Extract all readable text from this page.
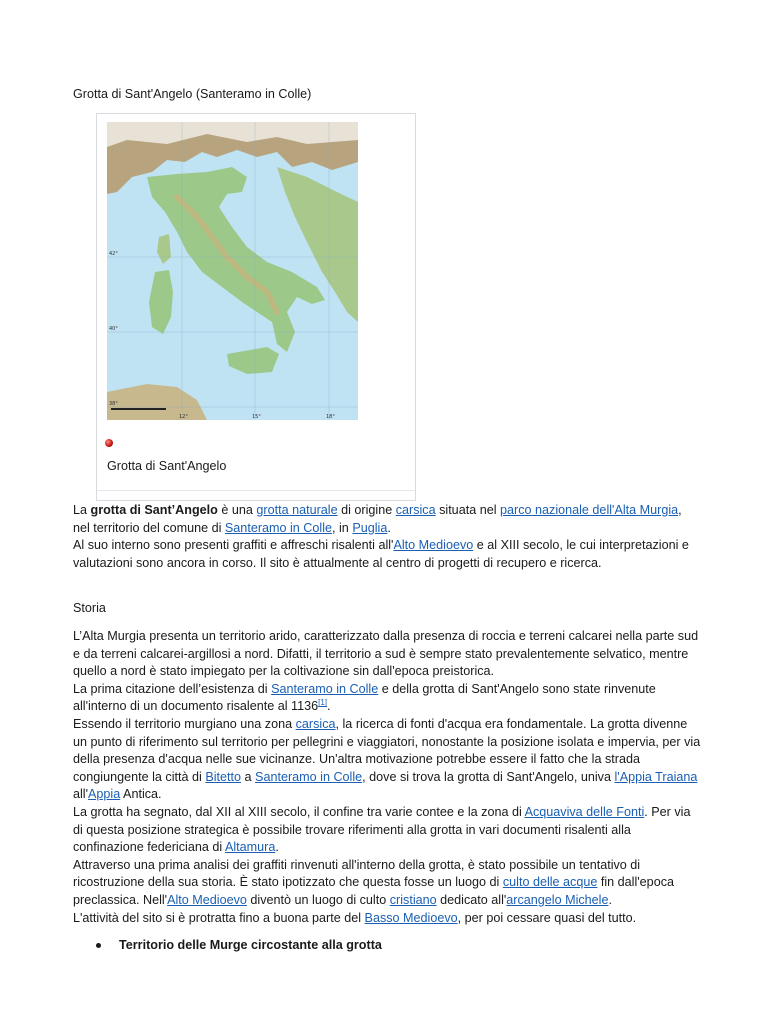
Grotta di Sant'Angelo (Santeramo in Colle)
42°
40°
38°
12°	15°	18°
Grotta di Sant'Angelo

La grotta di Sant’Angelo è una grotta naturale di origine carsica situata nel parco nazionale dell'Alta Murgia, nel territorio del comune di Santeramo in Colle, in Puglia.

Al suo interno sono presenti graffiti e affreschi risalenti all'Alto Medioevo e al XIII secolo, le cui interpretazioni e valutazioni sono ancora in corso. Il sito è attualmente al centro di progetti di recupero e ricerca.

Storia

L’Alta Murgia presenta un territorio arido, caratterizzato dalla presenza di roccia e terreni calcarei nella parte sud e da terreni calcarei-argillosi a nord. Difatti, il territorio a sud è sempre stato prevalentemente selvatico, mentre quello a nord è stato impiegato per la coltivazione sin dall'epoca preistorica.

La prima citazione dell’esistenza di Santeramo in Colle e della grotta di Sant'Angelo sono state rinvenute all'interno di un documento risalente al 1136[1].

Essendo il territorio murgiano una zona carsica, la ricerca di fonti d'acqua era fondamentale. La grotta divenne un punto di riferimento sul territorio per pellegrini e viaggiatori, nonostante la posizione isolata e impervia, per via della presenza d'acqua nelle sue vicinanze. Un'altra motivazione potrebbe essere il fatto che la strada congiungente la città di Bitetto a Santeramo in Colle, dove si trova la grotta di Sant'Angelo, univa l'Appia Traiana all'Appia Antica.

La grotta ha segnato, dal XII al XIII secolo, il confine tra varie contee e la zona di Acquaviva delle Fonti. Per via di questa posizione strategica è possibile trovare riferimenti alla grotta in vari documenti risalenti alla confinazione federiciana di Altamura.

Attraverso una prima analisi dei graffiti rinvenuti all'interno della grotta, è stato possibile un tentativo di ricostruzione della sua storia. È stato ipotizzato che questa fosse un luogo di culto delle acque fin dall'epoca preclassica. Nell'Alto Medioevo diventò un luogo di culto cristiano dedicato all'arcangelo Michele.

L'attività del sito si è protratta fino a buona parte del Basso Medioevo, per poi cessare quasi del tutto.

Territorio delle Murge circostante alla grotta
